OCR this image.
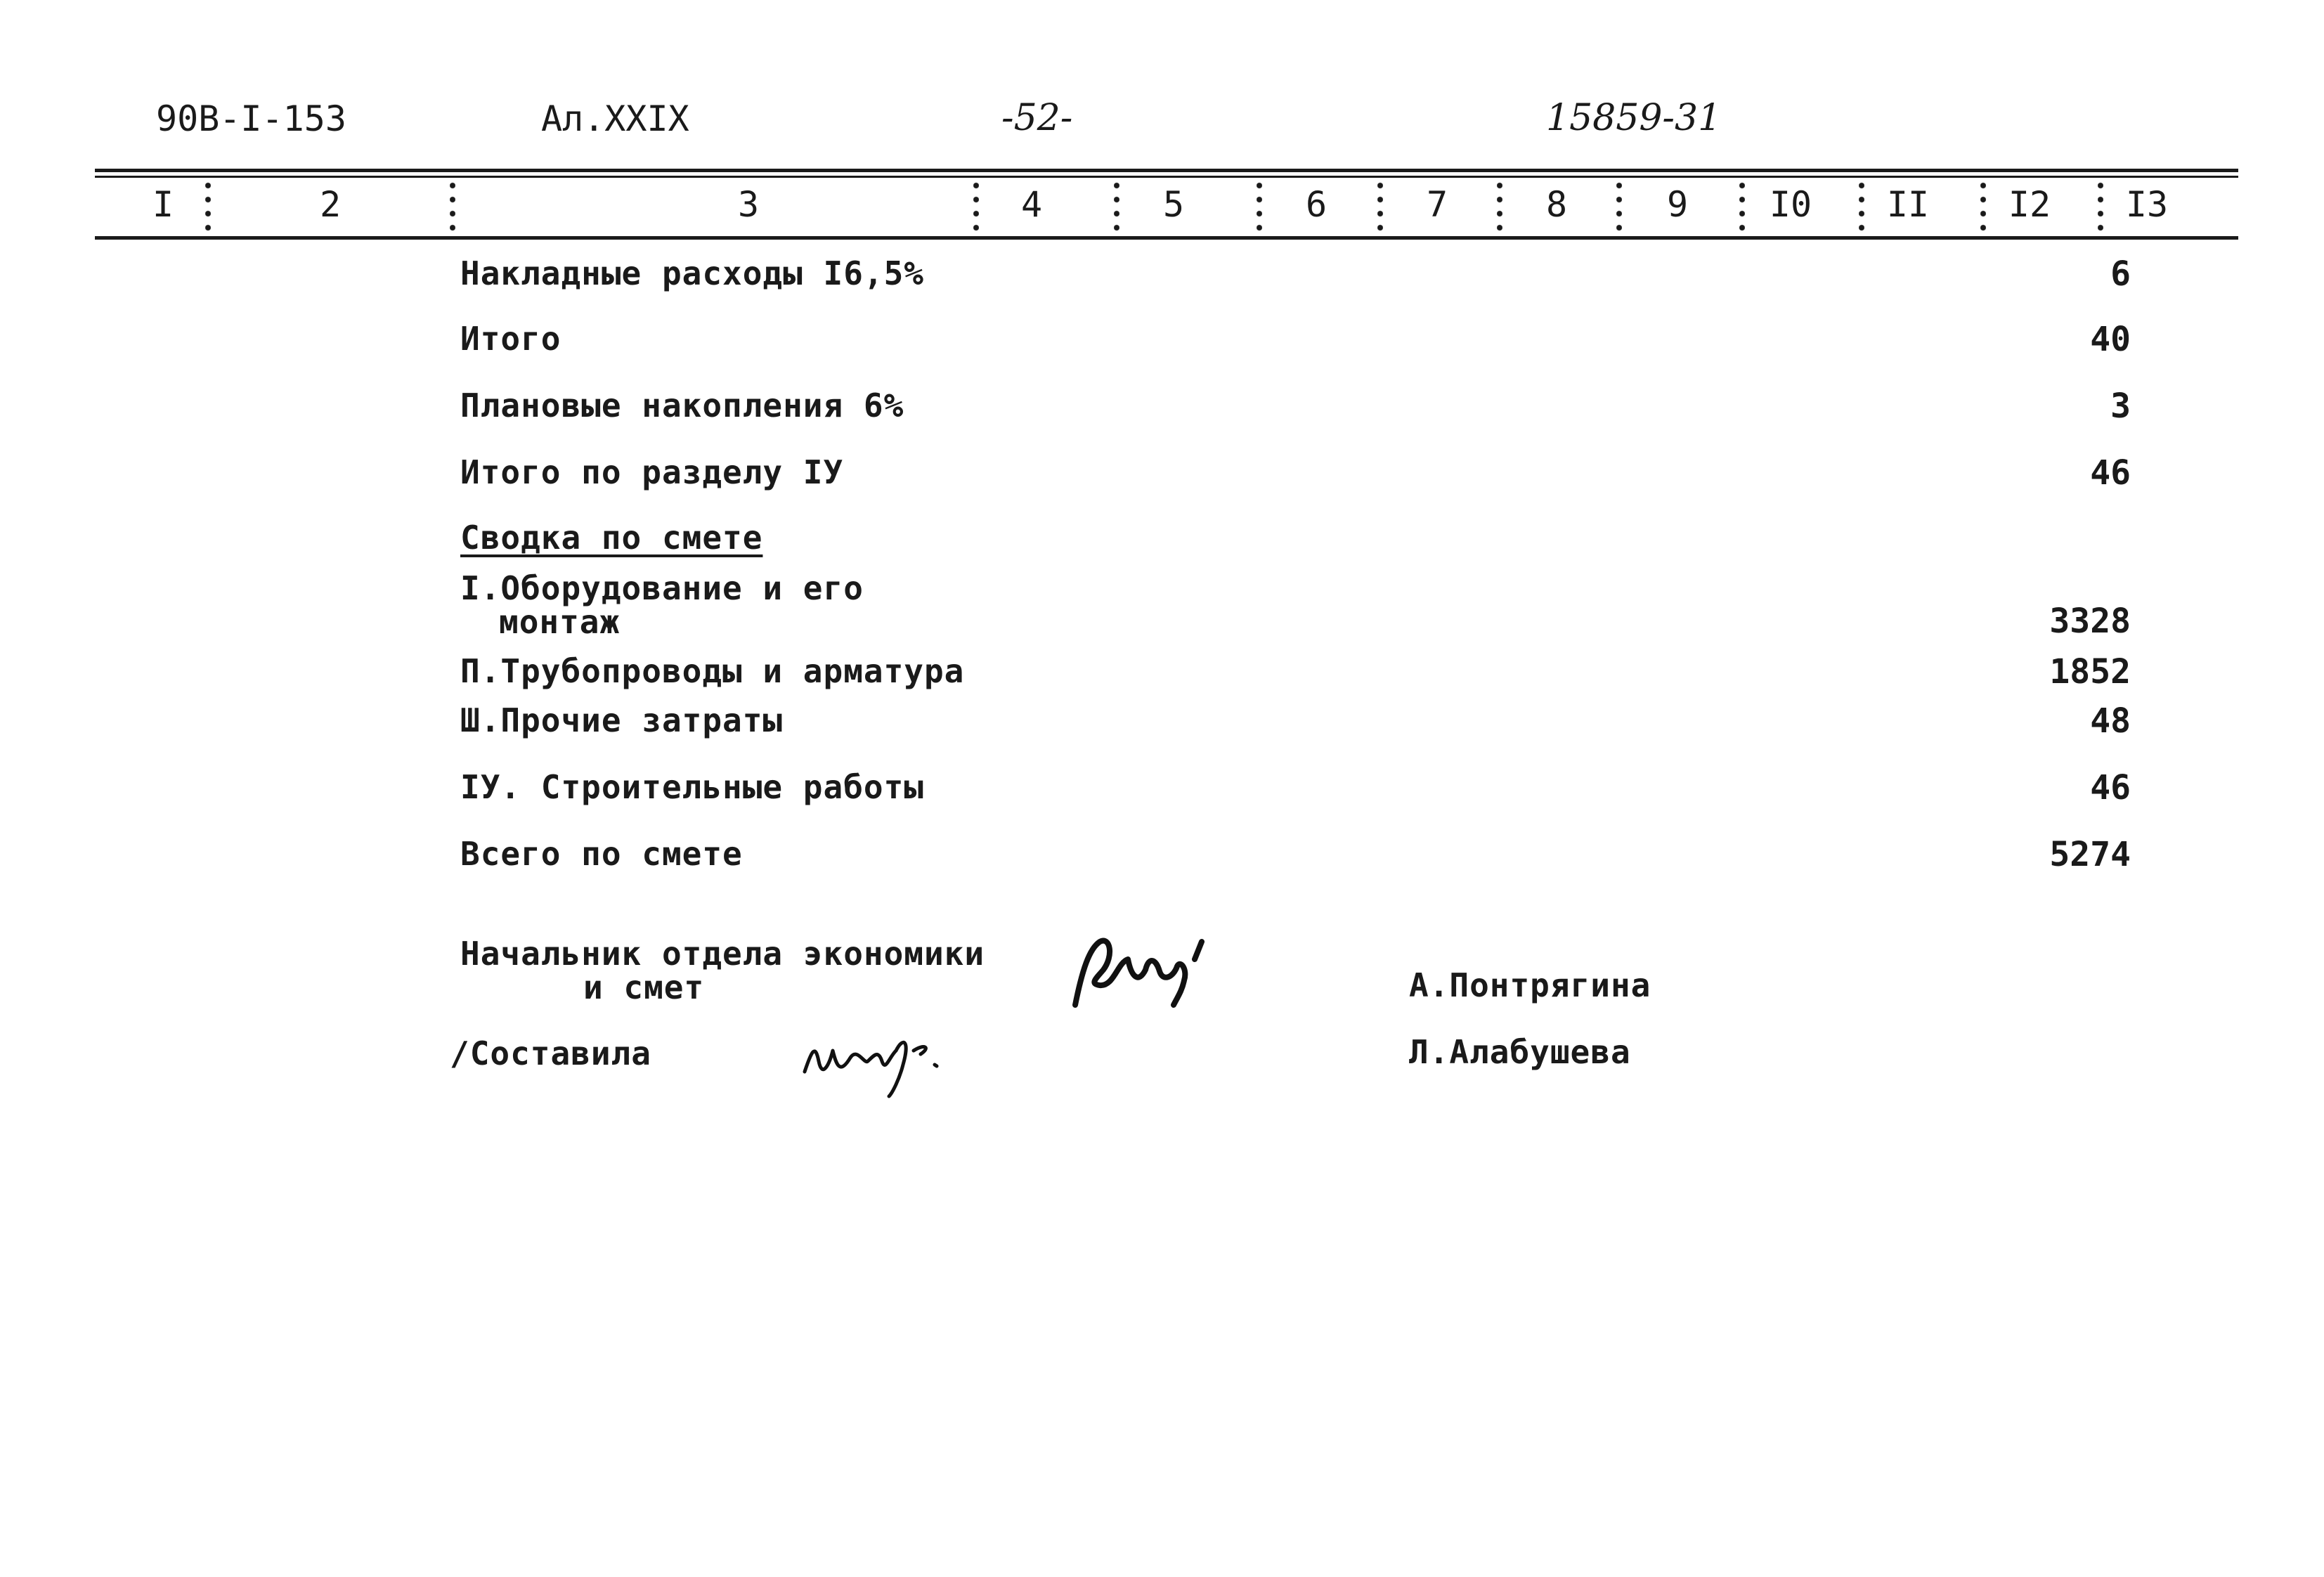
90В-I-153	Ал.XXIX	-52-	15859-31
I	2	3	4	5	6	7	8	9 I0 II I2 I3
Накладные расходы I6,5%	6
Итого	40
Плановые накопления 6%	3
Итого по разделу IУ	46
Сводка по смете
I.Оборудование и его
монтаж	3328
П.Трубопроводы и арматура	1852
Ш.Прочие затраты	48
IУ. Строительные работы	46
Всего по смете	5274
Начальник отдела экономики
и смет	А.Понтрягина
/Составила	Л.Алабушева
